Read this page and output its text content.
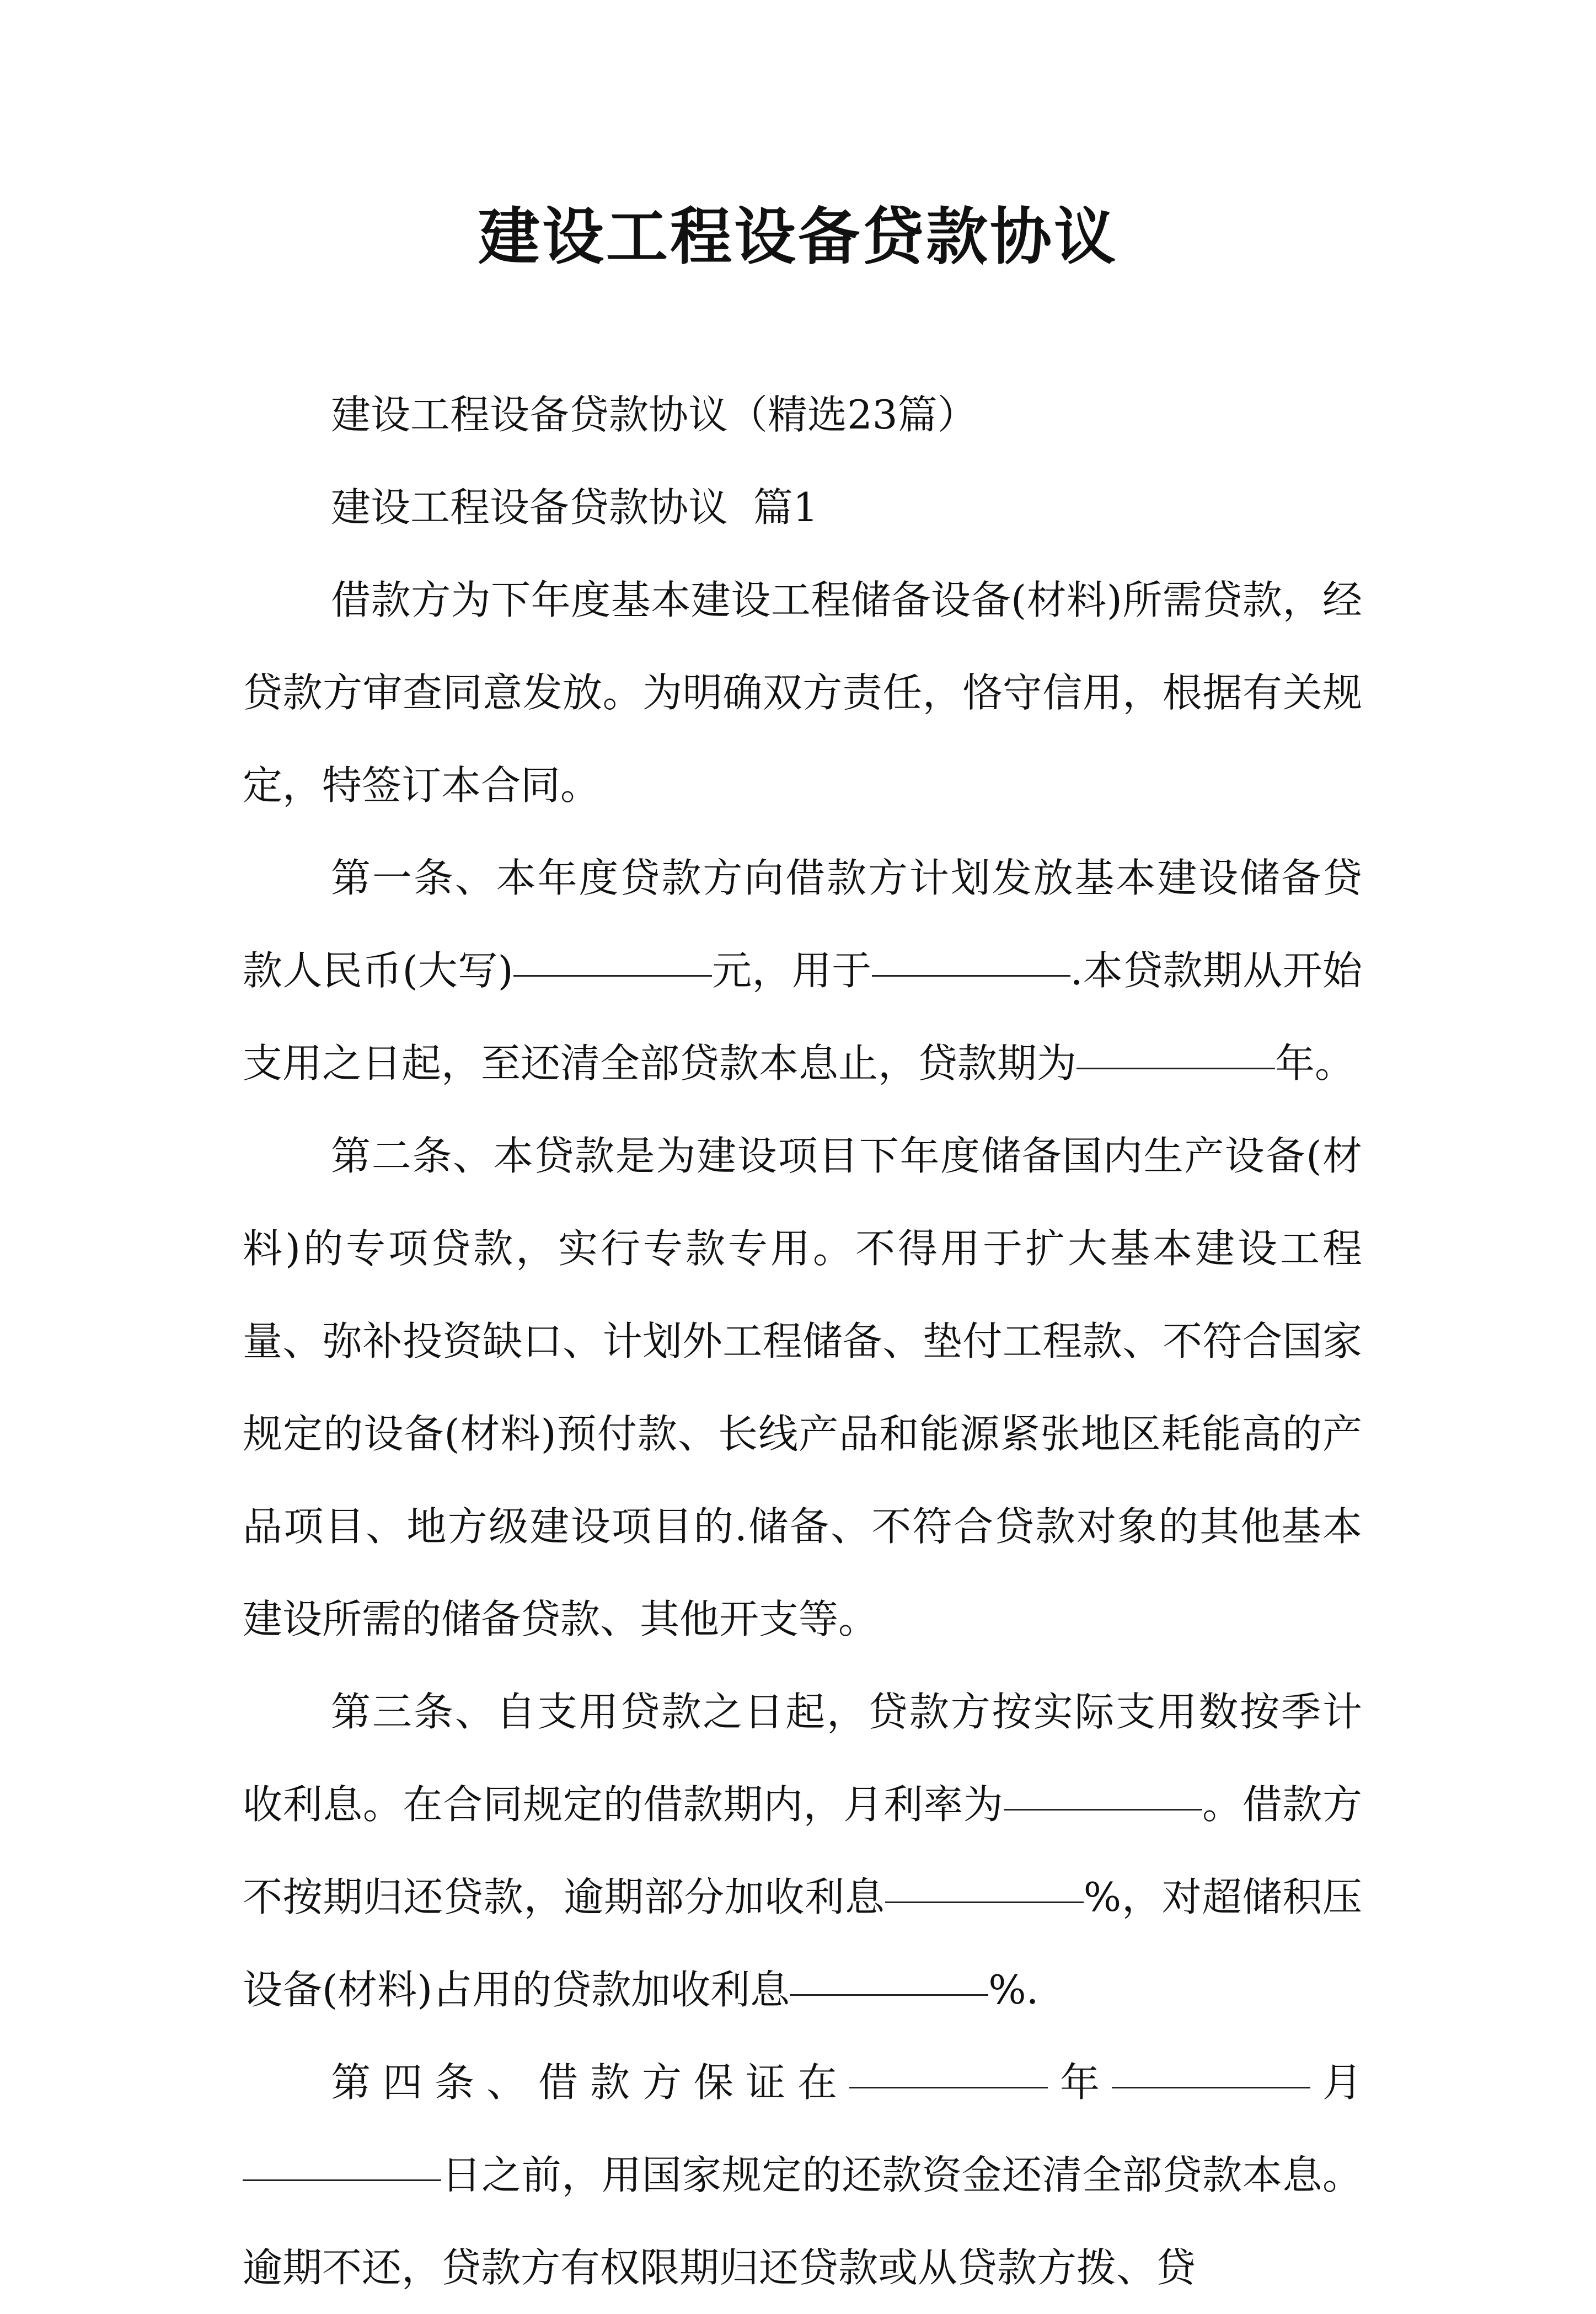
建设工程设备贷款协议

建设工程设备贷款协议（精选23篇）

建设工程设备贷款协议  篇1

借款方为下年度基本建设工程储备设备(材料)所需贷款，经贷款方审查同意发放。为明确双方责任，恪守信用，根据有关规定，特签订本合同。

第一条、本年度贷款方向借款方计划发放基本建设储备贷款人民币(大写)	元，用于	.本贷款期从开始支用之日起，至还清全部贷款本息止，贷款期为	年。

第二条、本贷款是为建设项目下年度储备国内生产设备(材料)的专项贷款，实行专款专用。不得用于扩大基本建设工程量、弥补投资缺口、计划外工程储备、垫付工程款、不符合国家规定的设备(材料)预付款、长线产品和能源紧张地区耗能高的产品项目、地方级建设项目的.储备、不符合贷款对象的其他基本建设所需的储备贷款、其他开支等。

第三条、自支用贷款之日起，贷款方按实际支用数按季计收利息。在合同规定的借款期内，月利率为	。借款方不按期归还贷款，逾期部分加收利息	%，对超储积压设备(材料)占用的贷款加收利息	%.

第四条、借款方保证在	年	月日之前，用国家规定的还款资金还清全部贷款本息。逾期不还，贷款方有权限期归还贷款或从贷款方拨、贷
